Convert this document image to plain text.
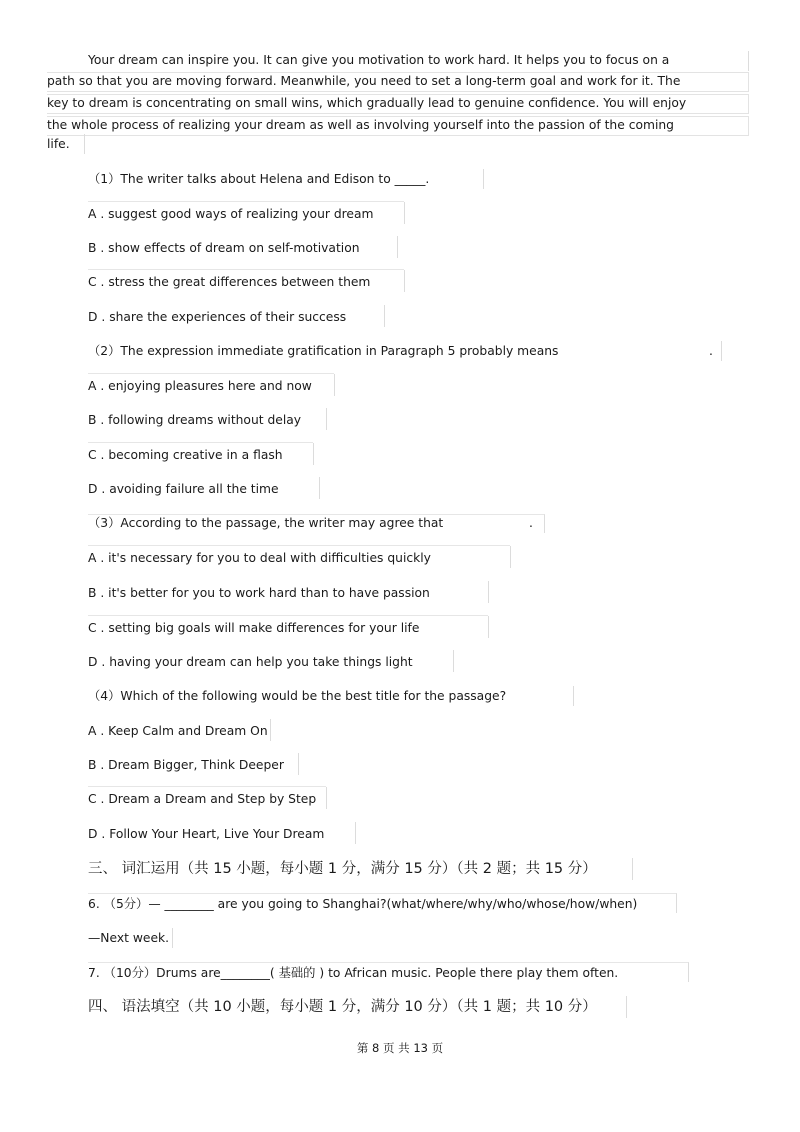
Your dream can inspire you. It can give you motivation to work hard. It helps you to focus on a
path so that you are moving forward. Meanwhile, you need to set a long-term goal and work for it. The
key to dream is concentrating on small wins, which gradually lead to genuine confidence. You will enjoy
the whole process of realizing your dream as well as involving yourself into the passion of the coming
life.
（1）The writer talks about Helena and Edison to _____.
A . suggest good ways of realizing your dream
B . show effects of dream on self-motivation
C . stress the great differences between them
D . share the experiences of their success
（2）The expression immediate gratification in Paragraph 5 probably means	.
A . enjoying pleasures here and now
B . following dreams without delay
C . becoming creative in a flash
D . avoiding failure all the time
（3）According to the passage, the writer may agree that	.
A . it's necessary for you to deal with difficulties quickly
B . it's better for you to work hard than to have passion
C . setting big goals will make differences for your life
D . having your dream can help you take things light
（4）Which of the following would be the best title for the passage?
A . Keep Calm and Dream On
B . Dream Bigger, Think Deeper
C . Dream a Dream and Step by Step
D . Follow Your Heart, Live Your Dream
三、 词汇运用（共 15 小题，每小题 1 分，满分 15 分）（共 2 题；共 15 分）
6. （5分）— ________ are you going to Shanghai?(what/where/why/who/whose/how/when)
—Next week.
7. （10分）Drums are________( 基础的 ) to African music. People there play them often.
四、 语法填空（共 10 小题，每小题 1 分，满分 10 分）（共 1 题；共 10 分）
第 8 页 共 13 页
